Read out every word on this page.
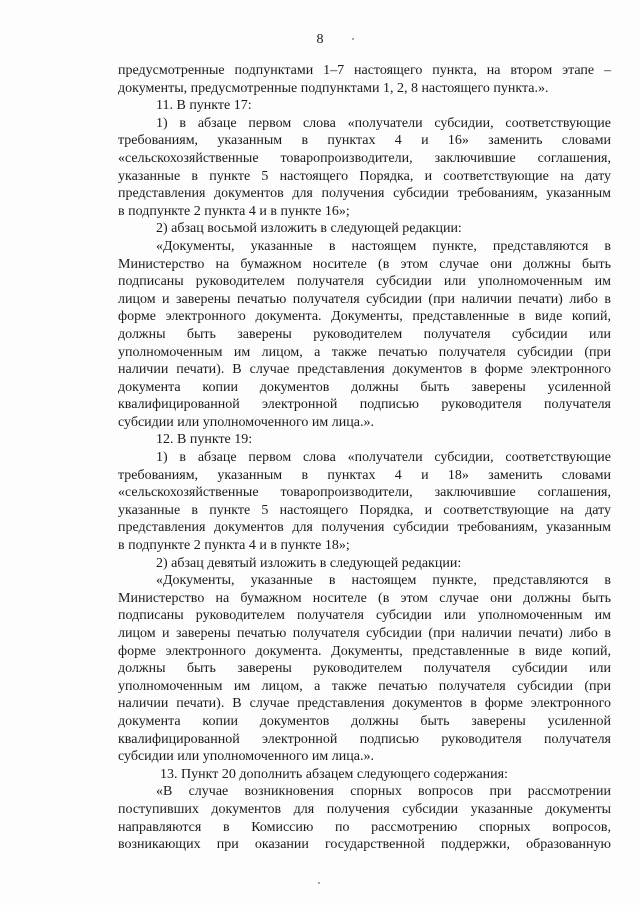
8

предусмотренные подпунктами 1–7 настоящего пункта, на втором этапе –
документы, предусмотренные подпунктами 1, 2, 8 настоящего пункта.».

11. В пункте 17:

1) в абзаце первом слова «получатели субсидии, соответствующие
требованиям, указанным в пунктах 4 и 16» заменить словами
«сельскохозяйственные товаропроизводители, заключившие соглашения,
указанные в пункте 5 настоящего Порядка, и соответствующие на дату
представления документов для получения субсидии требованиям, указанным
в подпункте 2 пункта 4 и в пункте 16»;

2) абзац восьмой изложить в следующей редакции:

«Документы, указанные в настоящем пункте, представляются в
Министерство на бумажном носителе (в этом случае они должны быть
подписаны руководителем получателя субсидии или уполномоченным им
лицом и заверены печатью получателя субсидии (при наличии печати) либо в
форме электронного документа. Документы, представленные в виде копий,
должны быть заверены руководителем получателя субсидии или
уполномоченным им лицом, а также печатью получателя субсидии (при
наличии печати). В случае представления документов в форме электронного
документа копии документов должны быть заверены усиленной
квалифицированной электронной подписью руководителя получателя
субсидии или уполномоченного им лица.».

12. В пункте 19:

1) в абзаце первом слова «получатели субсидии, соответствующие
требованиям, указанным в пунктах 4 и 18» заменить словами
«сельскохозяйственные товаропроизводители, заключившие соглашения,
указанные в пункте 5 настоящего Порядка, и соответствующие на дату
представления документов для получения субсидии требованиям, указанным
в подпункте 2 пункта 4 и в пункте 18»;

2) абзац девятый изложить в следующей редакции:

«Документы, указанные в настоящем пункте, представляются в
Министерство на бумажном носителе (в этом случае они должны быть
подписаны руководителем получателя субсидии или уполномоченным им
лицом и заверены печатью получателя субсидии (при наличии печати) либо в
форме электронного документа. Документы, представленные в виде копий,
должны быть заверены руководителем получателя субсидии или
уполномоченным им лицом, а также печатью получателя субсидии (при
наличии печати). В случае представления документов в форме электронного
документа копии документов должны быть заверены усиленной
квалифицированной электронной подписью руководителя получателя
субсидии или уполномоченного им лица.».

13. Пункт 20 дополнить абзацем следующего содержания:

«В случае возникновения спорных вопросов при рассмотрении
поступивших документов для получения субсидии указанные документы
направляются в Комиссию по рассмотрению спорных вопросов,
возникающих при оказании государственной поддержки, образованную
